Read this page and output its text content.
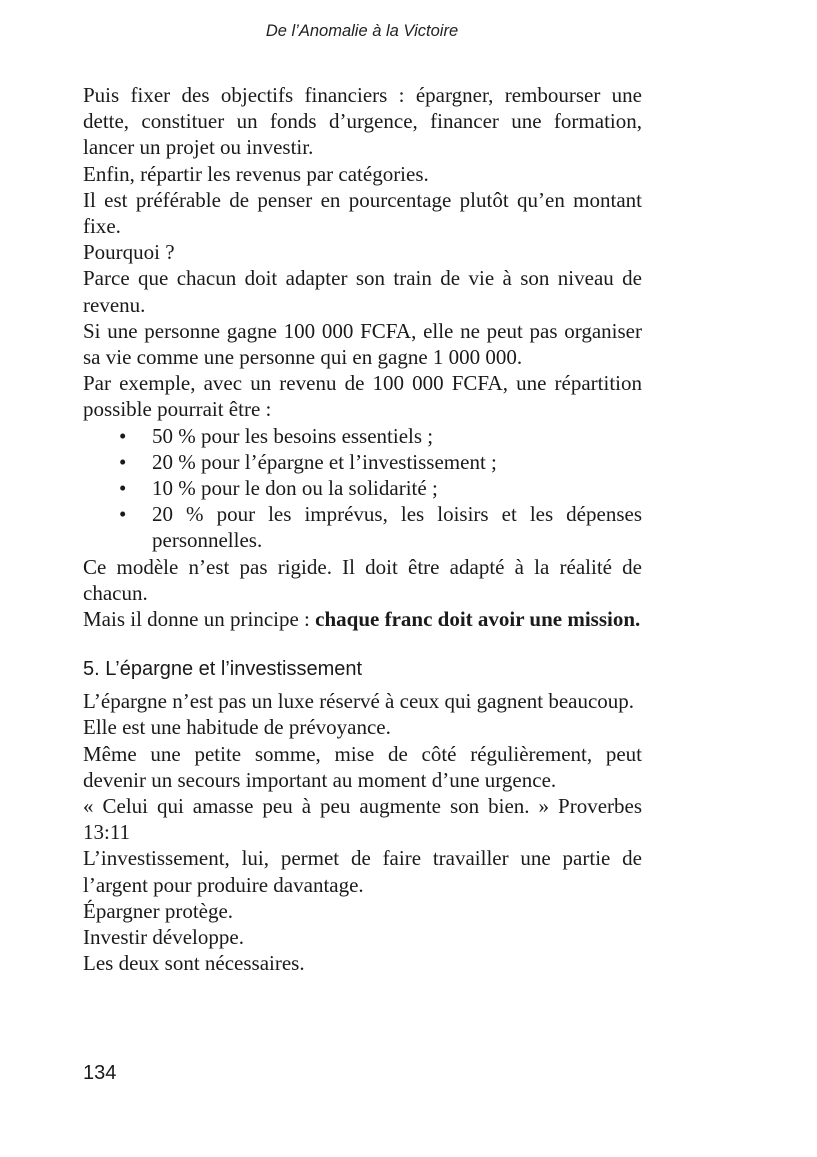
De l’Anomalie à la Victoire

Puis fixer des objectifs financiers : épargner, rembourser une dette, constituer un fonds d’urgence, financer une formation, lancer un projet ou investir.

Enfin, répartir les revenus par catégories.

Il est préférable de penser en pourcentage plutôt qu’en montant fixe.

Pourquoi ?

Parce que chacun doit adapter son train de vie à son niveau de revenu.

Si une personne gagne 100 000 FCFA, elle ne peut pas organiser sa vie comme une personne qui en gagne 1 000 000.

Par exemple, avec un revenu de 100 000 FCFA, une répartition possible pourrait être :

• 50 % pour les besoins essentiels ;
• 20 % pour l’épargne et l’investissement ;
• 10 % pour le don ou la solidarité ;
• 20 % pour les imprévus, les loisirs et les dépenses personnelles.

Ce modèle n’est pas rigide. Il doit être adapté à la réalité de chacun.

Mais il donne un principe : chaque franc doit avoir une mission.

5. L’épargne et l’investissement

L’épargne n’est pas un luxe réservé à ceux qui gagnent beaucoup.

Elle est une habitude de prévoyance.

Même une petite somme, mise de côté régulièrement, peut devenir un secours important au moment d’une urgence.

« Celui qui amasse peu à peu augmente son bien. » Proverbes 13:11

L’investissement, lui, permet de faire travailler une partie de l’argent pour produire davantage.

Épargner protège.

Investir développe.

Les deux sont nécessaires.

134
